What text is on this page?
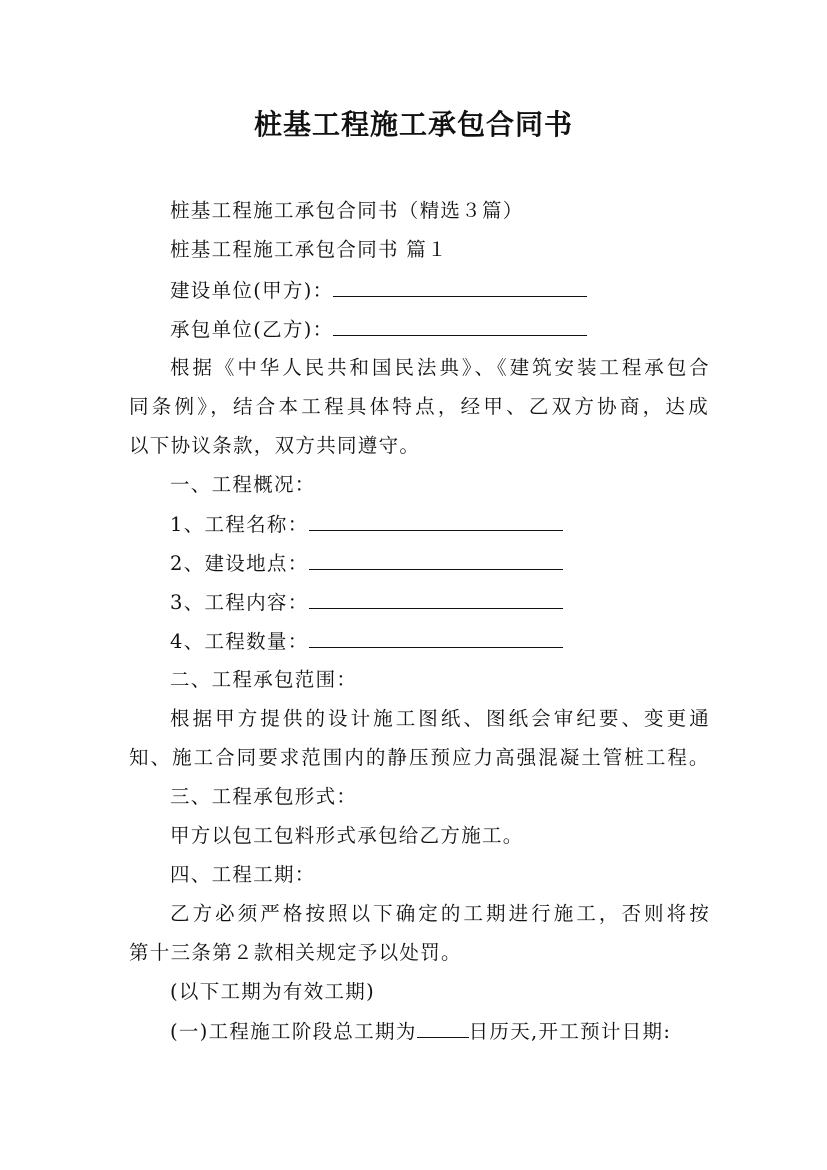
桩基工程施工承包合同书
桩基工程施工承包合同书（精选３篇）
桩基工程施工承包合同书 篇１
建设单位(甲方)：
承包单位(乙方)：
根据《中华人民共和国民法典》、《建筑安装工程承包合
同条例》，结合本工程具体特点，经甲、乙双方协商，达成
以下协议条款，双方共同遵守。
一、工程概况：
1、工程名称：
2、建设地点：
3、工程内容：
4、工程数量：
二、工程承包范围：
根据甲方提供的设计施工图纸、图纸会审纪要、变更通
知、施工合同要求范围内的静压预应力高强混凝土管桩工程。
三、工程承包形式：
甲方以包工包料形式承包给乙方施工。
四、工程工期：
乙方必须严格按照以下确定的工期进行施工，否则将按
第十三条第２款相关规定予以处罚。
(以下工期为有效工期)
(一)工程施工阶段总工期为	日历天,开工预计日期:
